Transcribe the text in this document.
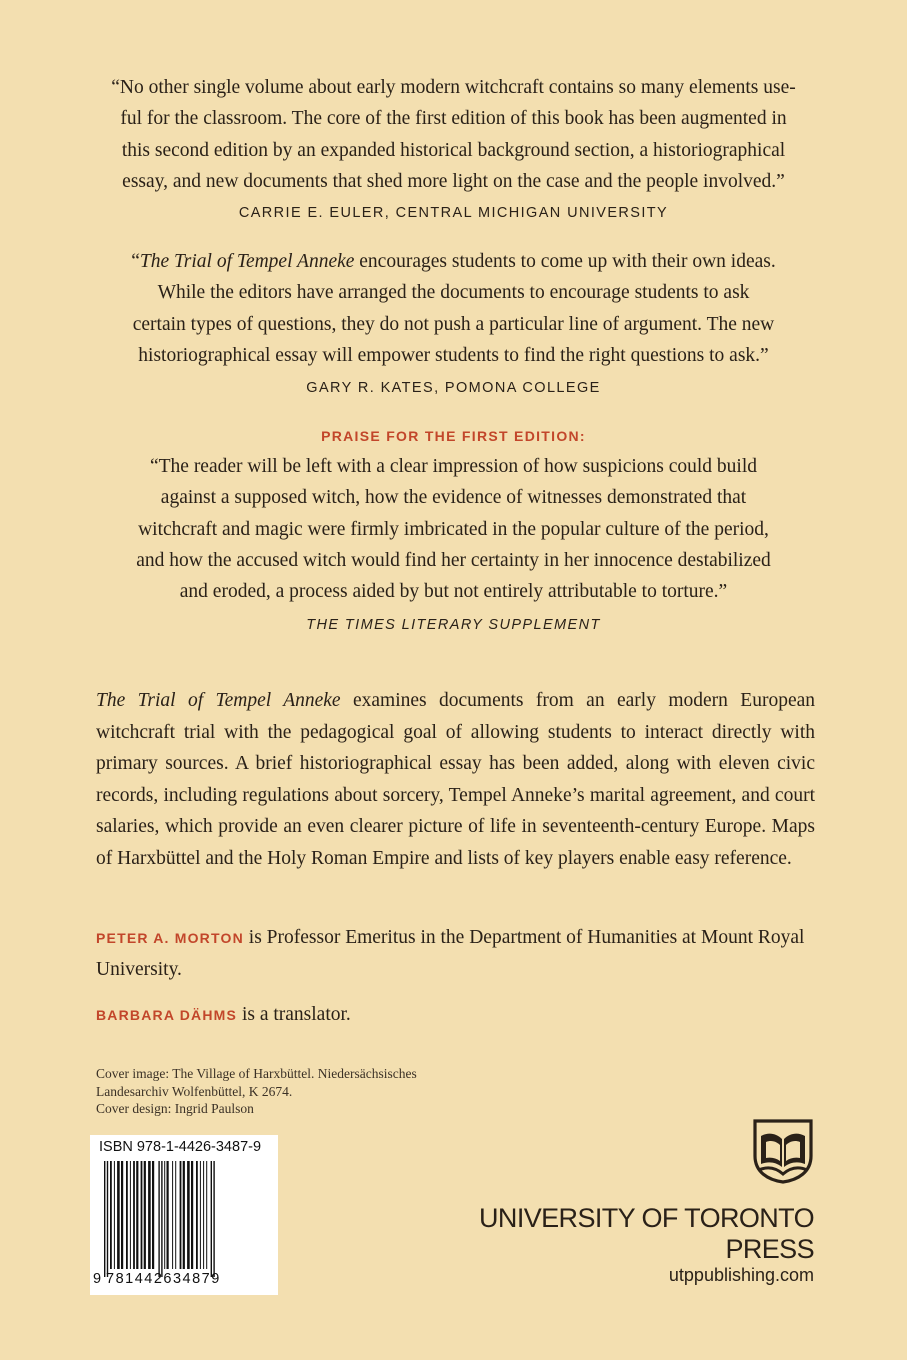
“No other single volume about early modern witchcraft contains so many elements use-
ful for the classroom. The core of the first edition of this book has been augmented in
this second edition by an expanded historical background section, a historiographical
essay, and new documents that shed more light on the case and the people involved.”
CARRIE E. EULER, CENTRAL MICHIGAN UNIVERSITY
“The Trial of Tempel Anneke encourages students to come up with their own ideas.
While the editors have arranged the documents to encourage students to ask
certain types of questions, they do not push a particular line of argument. The new
historiographical essay will empower students to find the right questions to ask.”
GARY R. KATES, POMONA COLLEGE
PRAISE FOR THE FIRST EDITION:
“The reader will be left with a clear impression of how suspicions could build
against a supposed witch, how the evidence of witnesses demonstrated that
witchcraft and magic were firmly imbricated in the popular culture of the period,
and how the accused witch would find her certainty in her innocence destabilized
and eroded, a process aided by but not entirely attributable to torture.”
THE TIMES LITERARY SUPPLEMENT
The Trial of Tempel Anneke examines documents from an early modern European witchcraft trial with the pedagogical goal of allowing students to interact directly with primary sources. A brief historiographical essay has been added, along with eleven civic records, including regulations about sorcery, Tempel Anneke’s marital agreement, and court salaries, which provide an even clearer picture of life in seventeenth-century Europe. Maps of Harxbüttel and the Holy Roman Empire and lists of key players enable easy reference.
PETER A. MORTON is Professor Emeritus in the Department of Humanities at Mount Royal University.
BARBARA DÄHMS is a translator.
Cover image: The Village of Harxbüttel. Niedersächsisches
Landesarchiv Wolfenbüttel, K 2674.
Cover design: Ingrid Paulson
ISBN 978-1-4426-3487-9
9 781442634879
UNIVERSITY OF TORONTO PRESS
utppublishing.com
